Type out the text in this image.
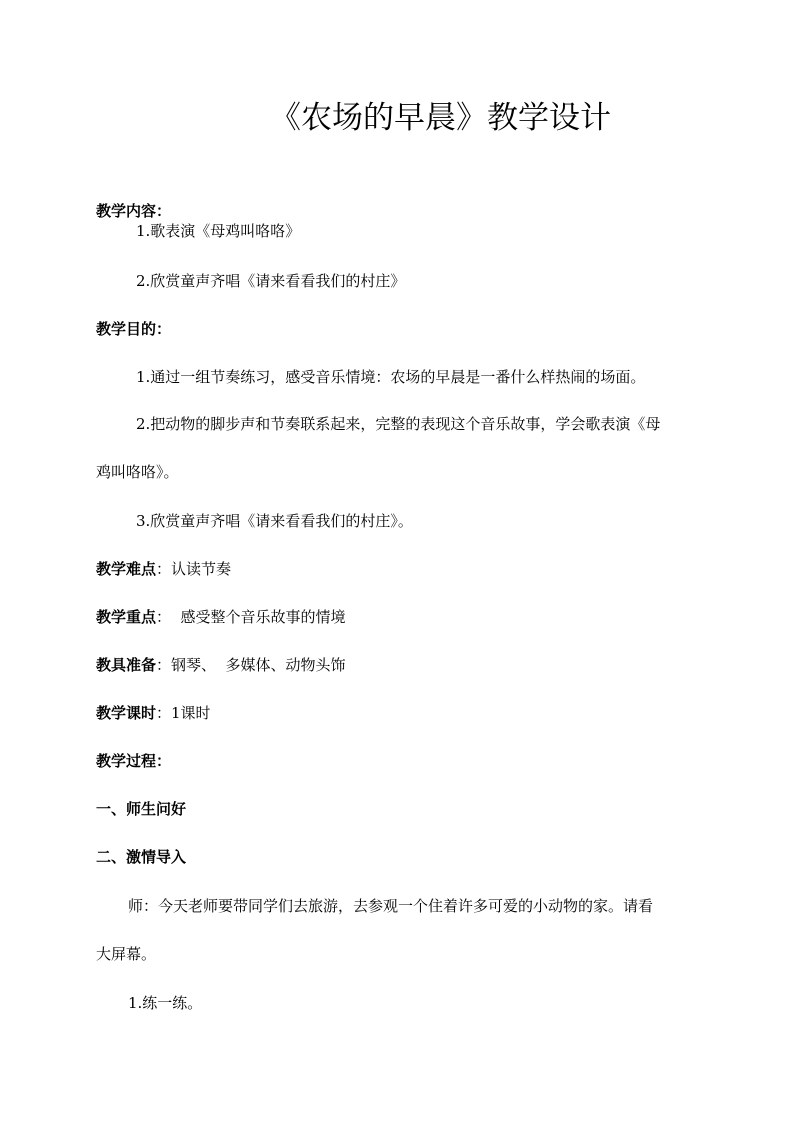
《农场的早晨》教学设计
教学内容：
1.歌表演《母鸡叫咯咯》
2.欣赏童声齐唱《请来看看我们的村庄》
教学目的：
1.通过一组节奏练习，感受音乐情境：农场的早晨是一番什么样热闹的场面。
2.把动物的脚步声和节奏联系起来，完整的表现这个音乐故事，学会歌表演《母
鸡叫咯咯》。
3.欣赏童声齐唱《请来看看我们的村庄》。
教学难点：认读节奏
教学重点：  感受整个音乐故事的情境
教具准备：钢琴、  多媒体、动物头饰
教学课时：1课时
教学过程：
一、师生问好
二、激情导入
师：今天老师要带同学们去旅游，去参观一个住着许多可爱的小动物的家。请看
大屏幕。
1.练一练。
